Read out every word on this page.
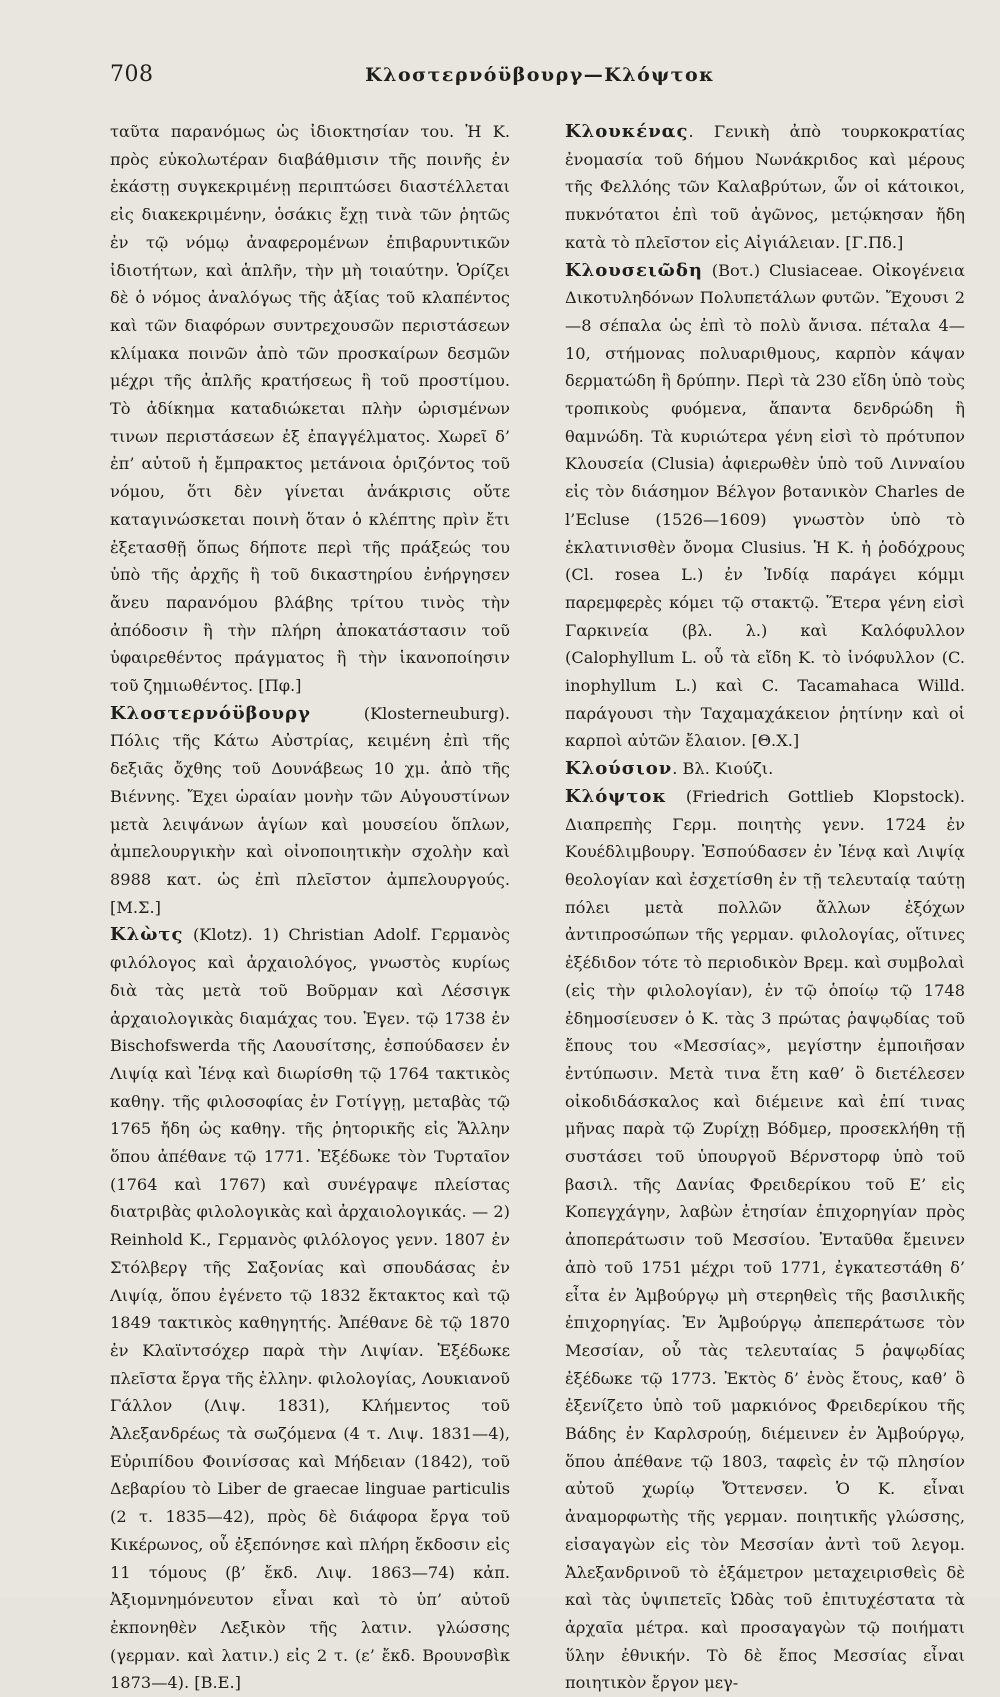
708	Κλοστερνόϋβουργ—Κλόψτοκ

ταῦτα παρανόμως ὡς ἰδιοκτησίαν του. Ἡ Κ. πρὸς εὐκολωτέραν διαβάθμισιν τῆς ποινῆς ἐν ἑκάστῃ συγκεκριμένῃ περιπτώσει διαστέλλεται εἰς διακεκριμένην, ὁσάκις ἔχῃ τινὰ τῶν ῥητῶς ἐν τῷ νόμῳ ἀναφερομένων ἐπιβαρυντικῶν ἰδιοτήτων, καὶ ἁπλῆν, τὴν μὴ τοιαύτην. Ὁρίζει δὲ ὁ νόμος ἀναλόγως τῆς ἀξίας τοῦ κλαπέντος καὶ τῶν διαφόρων συντρεχουσῶν περιστάσεων κλίμακα ποινῶν ἀπὸ τῶν προσκαίρων δεσμῶν μέχρι τῆς ἀπλῆς κρατήσεως ἢ τοῦ προστίμου. Τὸ ἀδίκημα καταδιώκεται πλὴν ὡρισμένων τινων περιστάσεων ἐξ ἐπαγγέλματος. Χωρεῖ δ’ ἐπ’ αὐτοῦ ἡ ἔμπρακτος μετάνοια ὁριζόντος τοῦ νόμου, ὅτι δὲν γίνεται ἀνάκρισις οὔτε καταγινώσκεται ποινὴ ὅταν ὁ κλέπτης πρὶν ἔτι ἐξετασθῇ ὅπως δήποτε περὶ τῆς πράξεώς του ὑπὸ τῆς ἀρχῆς ἢ τοῦ δικαστηρίου ἐνήργησεν ἄνευ παρανόμου βλάβης τρίτου τινὸς τὴν ἀπόδοσιν ἢ τὴν πλήρη ἀποκατάστασιν τοῦ ὑφαιρεθέντος πράγματος ἢ τὴν ἱκανοποίησιν τοῦ ζημιωθέντος. [Πφ.]

Κλοστερνόϋβουργ (Klosterneuburg). Πόλις τῆς Κάτω Αὐστρίας, κειμένη ἐπὶ τῆς δεξιᾶς ὄχθης τοῦ Δουνάβεως 10 χμ. ἀπὸ τῆς Βιέννης. Ἔχει ὡραίαν μονὴν τῶν Αὐγουστίνων μετὰ λειψάνων ἁγίων καὶ μουσείου ὅπλων, ἀμπελουργικὴν καὶ οἰνοποιητικὴν σχολὴν καὶ 8988 κατ. ὡς ἐπὶ πλεῖστον ἀμπελουργούς. [Μ.Σ.]

Κλὼτς (Klotz). 1) Christian Adolf. Γερμανὸς φιλόλογος καὶ ἀρχαιολόγος, γνωστὸς κυρίως διὰ τὰς μετὰ τοῦ Βοῦρμαν καὶ Λέσσιγκ ἀρχαιολογικὰς διαμάχας του. Ἐγεν. τῷ 1738 ἐν Bischofswerda τῆς Λαουσίτσης, ἐσπούδασεν ἐν Λιψίᾳ καὶ Ἰένᾳ καὶ διωρίσθη τῷ 1764 τακτικὸς καθηγ. τῆς φιλοσοφίας ἐν Γοτίγγῃ, μεταβὰς τῷ 1765 ἤδη ὡς καθηγ. τῆς ῥητορικῆς εἰς Ἅλλην ὅπου ἀπέθανε τῷ 1771. Ἐξέδωκε τὸν Τυρταῖον (1764 καὶ 1767) καὶ συνέγραψε πλείστας διατριβὰς φιλολογικὰς καὶ ἀρχαιολογικάς. — 2) Reinhold Κ., Γερμανὸς φιλόλογος γενν. 1807 ἐν Στόλβεργ τῆς Σαξονίας καὶ σπουδάσας ἐν Λιψίᾳ, ὅπου ἐγένετο τῷ 1832 ἔκτακτος καὶ τῷ 1849 τακτικὸς καθηγητής. Ἀπέθανε δὲ τῷ 1870 ἐν Κλαϊντσόχερ παρὰ τὴν Λιψίαν. Ἐξέδωκε πλεῖστα ἔργα τῆς ἑλλην. φιλολογίας, Λουκιανοῦ Γάλλον (Λιψ. 1831), Κλήμεντος τοῦ Ἀλεξανδρέως τὰ σωζόμενα (4 τ. Λιψ. 1831—4), Εὐριπίδου Φοινίσσας καὶ Μήδειαν (1842), τοῦ Δεβαρίου τὸ Liber de graecae linguae particulis (2 τ. 1835—42), πρὸς δὲ διάφορα ἔργα τοῦ Κικέρωνος, οὗ ἐξεπόνησε καὶ πλήρη ἔκδοσιν εἰς 11 τόμους (β’ ἔκδ. Λιψ. 1863—74) κἀπ. Ἀξιομνημόνευτον εἶναι καὶ τὸ ὑπ’ αὐτοῦ ἐκπονηθὲν Λεξικὸν τῆς λατιν. γλώσσης (γερμαν. καὶ λατιν.) εἰς 2 τ. (ε’ ἔκδ. Βρουνσβὶκ 1873—4). [Β.Ε.]

Κλουκένας. Γενικὴ ἀπὸ τουρκοκρατίας ἐνομασία τοῦ δήμου Νωνάκριδος καὶ μέρους τῆς Φελλόης τῶν Καλαβρύτων, ὧν οἱ κάτοικοι, πυκνότατοι ἐπὶ τοῦ ἀγῶνος, μετῴκησαν ἤδη κατὰ τὸ πλεῖστον εἰς Αἰγιάλειαν. [Γ.Πδ.]

Κλουσειῶδη (Βοτ.) Clusiaceae. Οἰκογένεια Δικοτυληδόνων Πολυπετάλων φυτῶν. Ἔχουσι 2—8 σέπαλα ὡς ἐπὶ τὸ πολὺ ἄνισα. πέταλα 4—10, στήμονας πολυαριθμους, καρπὸν κάψαν δερματώδη ἢ δρύπην. Περὶ τὰ 230 εἴδη ὑπὸ τοὺς τροπικοὺς φυόμενα, ἅπαντα δενδρώδη ἢ θαμνώδη. Τὰ κυριώτερα γένη εἰσὶ τὸ πρότυπον Κλουσεία (Clusia) ἀφιερωθὲν ὑπὸ τοῦ Λινναίου εἰς τὸν διάσημον Βέλγον βοτανικὸν Charles de l’Ecluse (1526—1609) γνωστὸν ὑπὸ τὸ ἐκλατινισθὲν ὄνομα Clusius. Ἡ Κ. ἡ ῥοδόχρους (Cl. rosea L.) ἐν Ἰνδίᾳ παράγει κόμμι παρεμφερὲς κόμει τῷ στακτῷ. Ἕτερα γένη εἰσὶ Γαρκινεία (βλ. λ.) καὶ Καλόφυλλον (Calophyllum L. οὗ τὰ εἴδη Κ. τὸ ἰνόφυλλον (C. inophyllum L.) καὶ C. Tacamahaca Willd. παράγουσι τὴν Ταχαμαχάκειον ῥητίνην καὶ οἱ καρποὶ αὐτῶν ἔλαιον. [Θ.Χ.]

Κλούσιον. Βλ. Κιούζι.

Κλόψτοκ (Friedrich Gottlieb Klopstock). Διαπρεπὴς Γερμ. ποιητὴς γενν. 1724 ἐν Κουέδλιμβουργ. Ἐσπούδασεν ἐν Ἰένᾳ καὶ Λιψίᾳ θεολογίαν καὶ ἐσχετίσθη ἐν τῇ τελευταίᾳ ταύτῃ πόλει μετὰ πολλῶν ἄλλων ἐξόχων ἀντιπροσώπων τῆς γερμαν. φιλολογίας, οἵτινες ἐξέδιδον τότε τὸ περιοδικὸν Βρεμ. καὶ συμβολαὶ (εἰς τὴν φιλολογίαν), ἐν τῷ ὁποίῳ τῷ 1748 ἐδημοσίευσεν ὁ Κ. τὰς 3 πρώτας ῥαψῳδίας τοῦ ἔπους του «Μεσσίας», μεγίστην ἐμποιῆσαν ἐντύπωσιν. Μετὰ τινα ἔτη καθ’ ὃ διετέλεσεν οἰκοδιδάσκαλος καὶ διέμεινε καὶ ἐπί τινας μῆνας παρὰ τῷ Ζυρίχῃ Βόδμερ, προσεκλήθη τῇ συστάσει τοῦ ὑπουργοῦ Βέρνστορφ ὑπὸ τοῦ βασιλ. τῆς Δανίας Φρειδερίκου τοῦ Ε’ εἰς Κοπεγχάγην, λαβὼν ἐτησίαν ἐπιχορηγίαν πρὸς ἀποπεράτωσιν τοῦ Μεσσίου. Ἐνταῦθα ἔμεινεν ἀπὸ τοῦ 1751 μέχρι τοῦ 1771, ἐγκατεστάθη δ’ εἶτα ἐν Ἁμβούργῳ μὴ στερηθεὶς τῆς βασιλικῆς ἐπιχορηγίας. Ἐν Ἁμβούργῳ ἀπεπεράτωσε τὸν Μεσσίαν, οὗ τὰς τελευταίας 5 ῥαψῳδίας ἐξέδωκε τῷ 1773. Ἐκτὸς δ’ ἑνὸς ἔτους, καθ’ ὃ ἐξενίζετο ὑπὸ τοῦ μαρκιόνος Φρειδερίκου τῆς Βάδης ἐν Καρλσρούῃ, διέμεινεν ἐν Ἁμβούργῳ, ὅπου ἀπέθανε τῷ 1803, ταφεὶς ἐν τῷ πλησίον αὐτοῦ χωρίῳ Ὄττενσεν. Ὁ Κ. εἶναι ἀναμορφωτὴς τῆς γερμαν. ποιητικῆς γλώσσης, εἰσαγαγὼν εἰς τὸν Μεσσίαν ἀντὶ τοῦ λεγομ. Ἀλεξανδρινοῦ τὸ ἑξάμετρον μεταχειρισθεὶς δὲ καὶ τὰς ὑψιπετεῖς Ὠδὰς τοῦ ἐπιτυχέστατα τὰ ἀρχαῖα μέτρα. καὶ προσαγαγὼν τῷ ποιήματι ὕλην ἐθνικήν. Τὸ δὲ ἔπος Μεσσίας εἶναι ποιητικὸν ἔργον μεγ-
